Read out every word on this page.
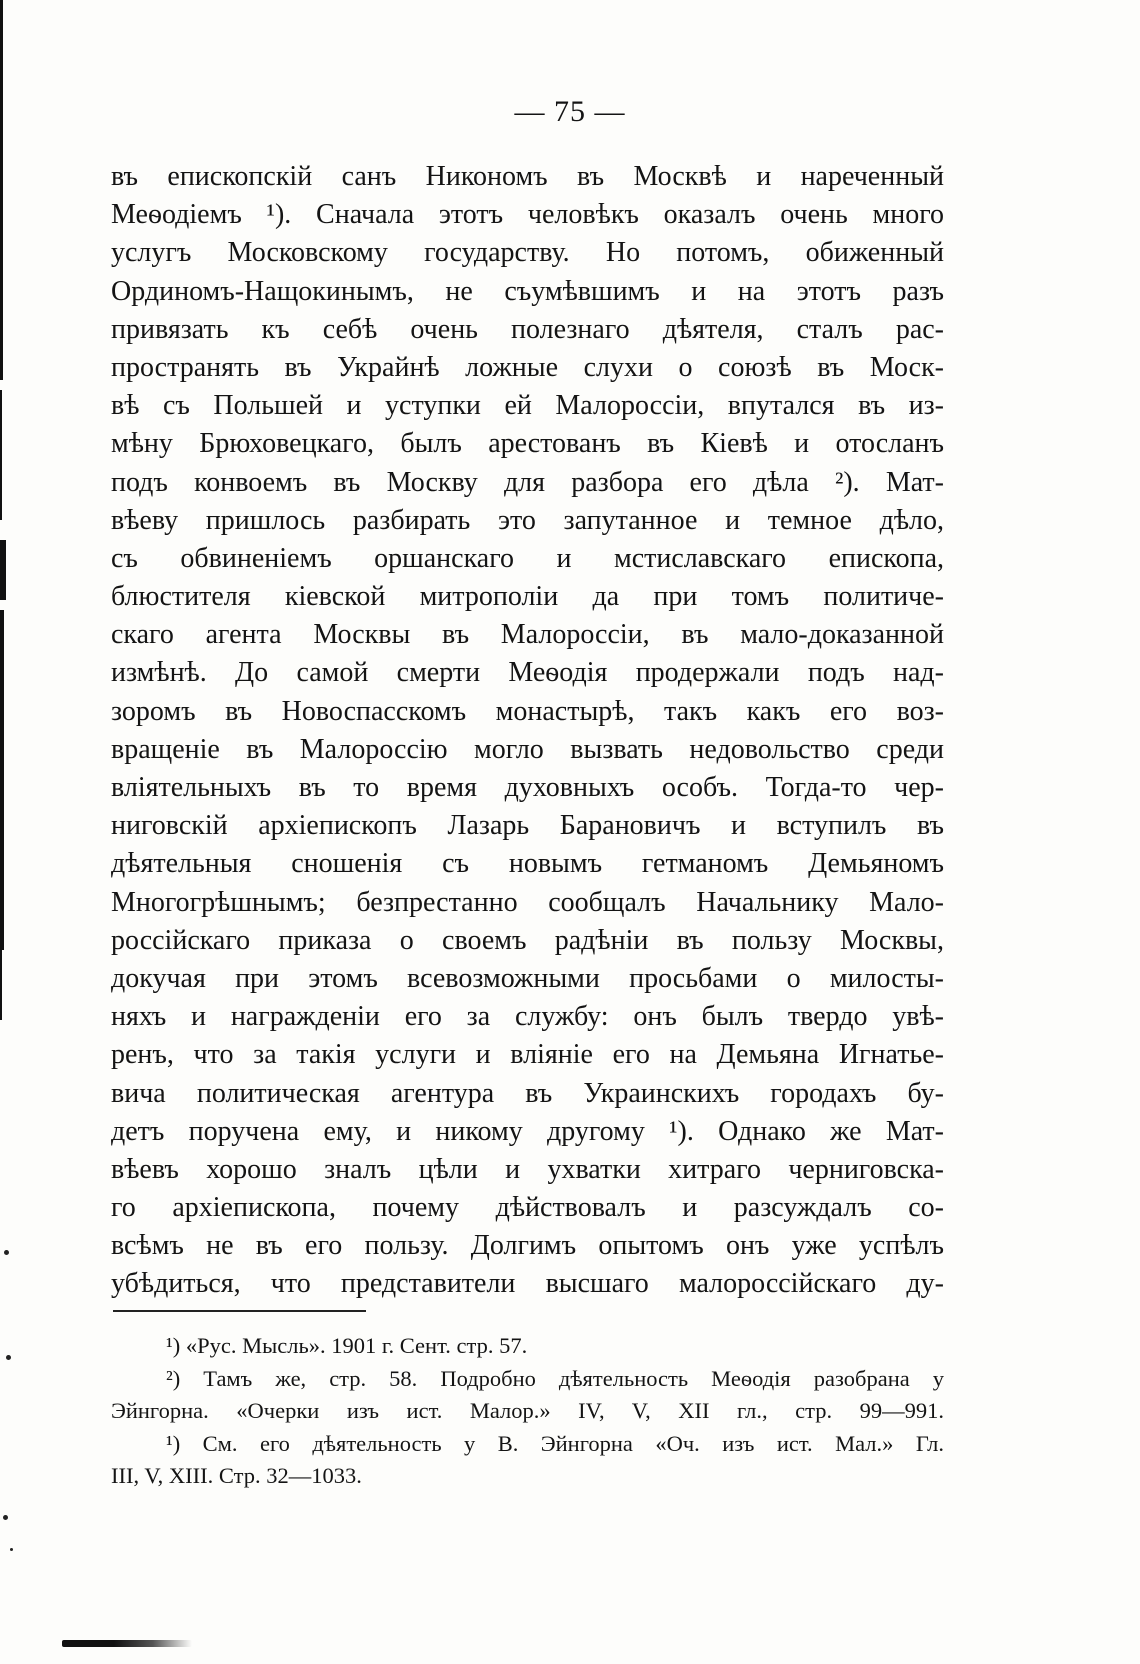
— 75 —
въ епископскій санъ Никономъ въ Москвѣ и нареченный
Меѳодіемъ ¹). Сначала этотъ человѣкъ оказалъ очень много
услугъ Московскому государству. Но потомъ, обиженный
Ординомъ-Нащокинымъ, не съумѣвшимъ и на этотъ разъ
привязать къ себѣ очень полезнаго дѣятеля, сталъ рас-
пространять въ Украйнѣ ложные слухи о союзѣ въ Моск-
вѣ съ Польшей и уступки ей Малороссіи, впутался въ из-
мѣну Брюховецкаго, былъ арестованъ въ Кіевѣ и отосланъ
подъ конвоемъ въ Москву для разбора его дѣла ²). Мат-
вѣеву пришлось разбирать это запутанное и темное дѣло,
съ обвиненіемъ оршанскаго и мстиславскаго епископа,
блюстителя кіевской митрополіи да при томъ политиче-
скаго агента Москвы въ Малороссіи, въ мало-доказанной
измѣнѣ. До самой смерти Меѳодія продержали подъ над-
зоромъ въ Новоспасскомъ монастырѣ, такъ какъ его воз-
вращеніе въ Малороссію могло вызвать недовольство среди
вліятельныхъ въ то время духовныхъ особъ. Тогда-то чер-
ниговскій архіепископъ Лазарь Барановичъ и вступилъ въ
дѣятельныя сношенія съ новымъ гетманомъ Демьяномъ
Многогрѣшнымъ; безпрестанно сообщалъ Начальнику Мало-
россійскаго приказа о своемъ радѣніи въ пользу Москвы,
докучая при этомъ всевозможными просьбами о милосты-
няхъ и награжденіи его за службу: онъ былъ твердо увѣ-
ренъ, что за такія услуги и вліяніе его на Демьяна Игнатье-
вича политическая агентура въ Украинскихъ городахъ бу-
детъ поручена ему, и никому другому ¹). Однако же Мат-
вѣевъ хорошо зналъ цѣли и ухватки хитраго черниговска-
го архіепископа, почему дѣйствовалъ и разсуждалъ со-
всѣмъ не въ его пользу. Долгимъ опытомъ онъ уже успѣлъ
убѣдиться, что представители высшаго малороссійскаго ду-
¹) «Рус. Мысль». 1901 г. Сент. стр. 57.
²) Тамъ же, стр. 58. Подробно дѣятельность Меѳодія разобрана у
Эйнгорна. «Очерки изъ ист. Малор.» IV, V, XII гл., стр. 99—991.
¹) См. его дѣятельность у В. Эйнгорна «Оч. изъ ист. Мал.» Гл.
III, V, XIII. Стр. 32—1033.
